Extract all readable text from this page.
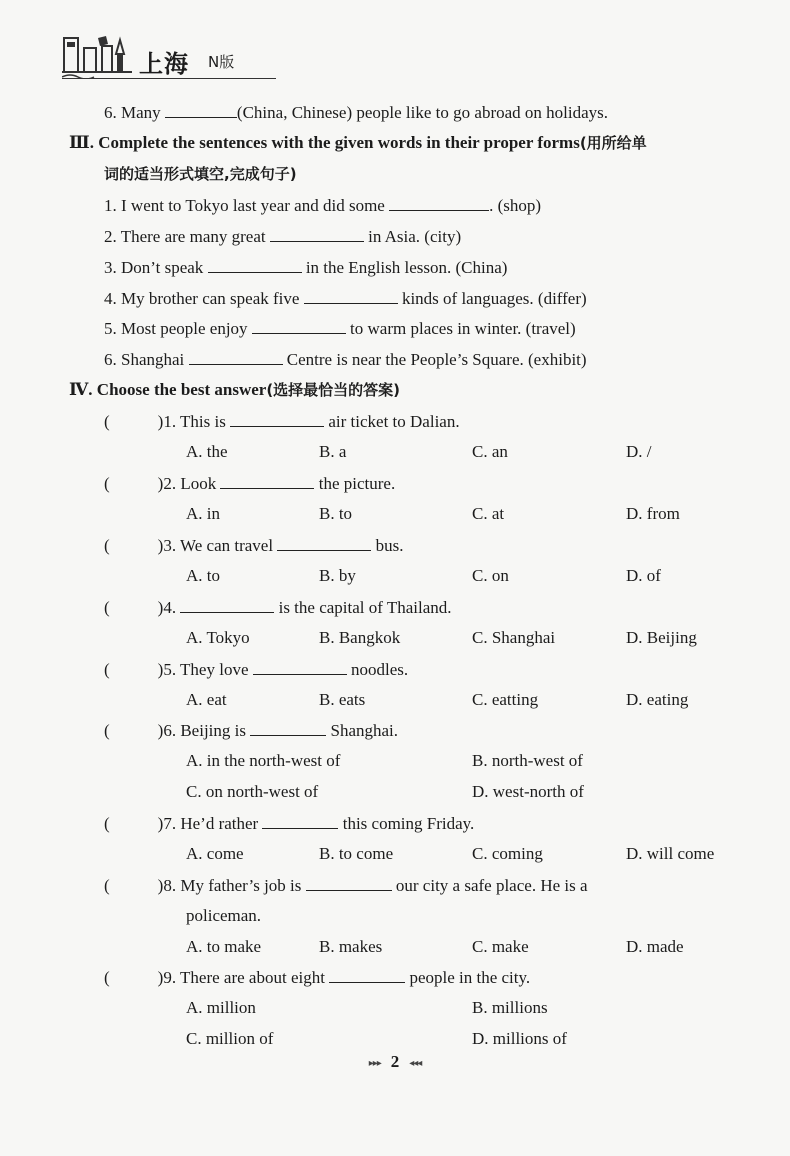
上海 N版
6. Many	(China, Chinese) people like to go abroad on holidays.
Ⅲ. Complete the sentences with the given words in their proper forms(用所给单
词的适当形式填空,完成句子)
1. I went to Tokyo last year and did some	. (shop)
2. There are many great	in Asia. (city)
3. Don’t speak	in the English lesson. (China)
4. My brother can speak five	kinds of languages. (differ)
5. Most people enjoy	to warm places in winter. (travel)
6. Shanghai	Centre is near the People’s Square. (exhibit)
Ⅳ. Choose the best answer(选择最恰当的答案)
(	)1. This is	air ticket to Dalian.
A. the	B. a	C. an	D. /
(	)2. Look	the picture.
A. in	B. to	C. at	D. from
(	)3. We can travel	bus.
A. to	B. by	C. on	D. of
(	)4.	is the capital of Thailand.
A. Tokyo	B. Bangkok	C. Shanghai	D. Beijing
(	)5. They love	noodles.
A. eat	B. eats	C. eatting	D. eating
(	)6. Beijing is	Shanghai.
A. in the north-west of	B. north-west of
C. on north-west of	D. west-north of
(	)7. He’d rather	this coming Friday.
A. come	B. to come	C. coming	D. will come
(	)8. My father’s job is	our city a safe place. He is a
policeman.
A. to make	B. makes	C. make	D. made
(	)9. There are about eight	people in the city.
A. million	B. millions
C. million of	D. millions of
▸▸▸ 2 ◂◂◂
